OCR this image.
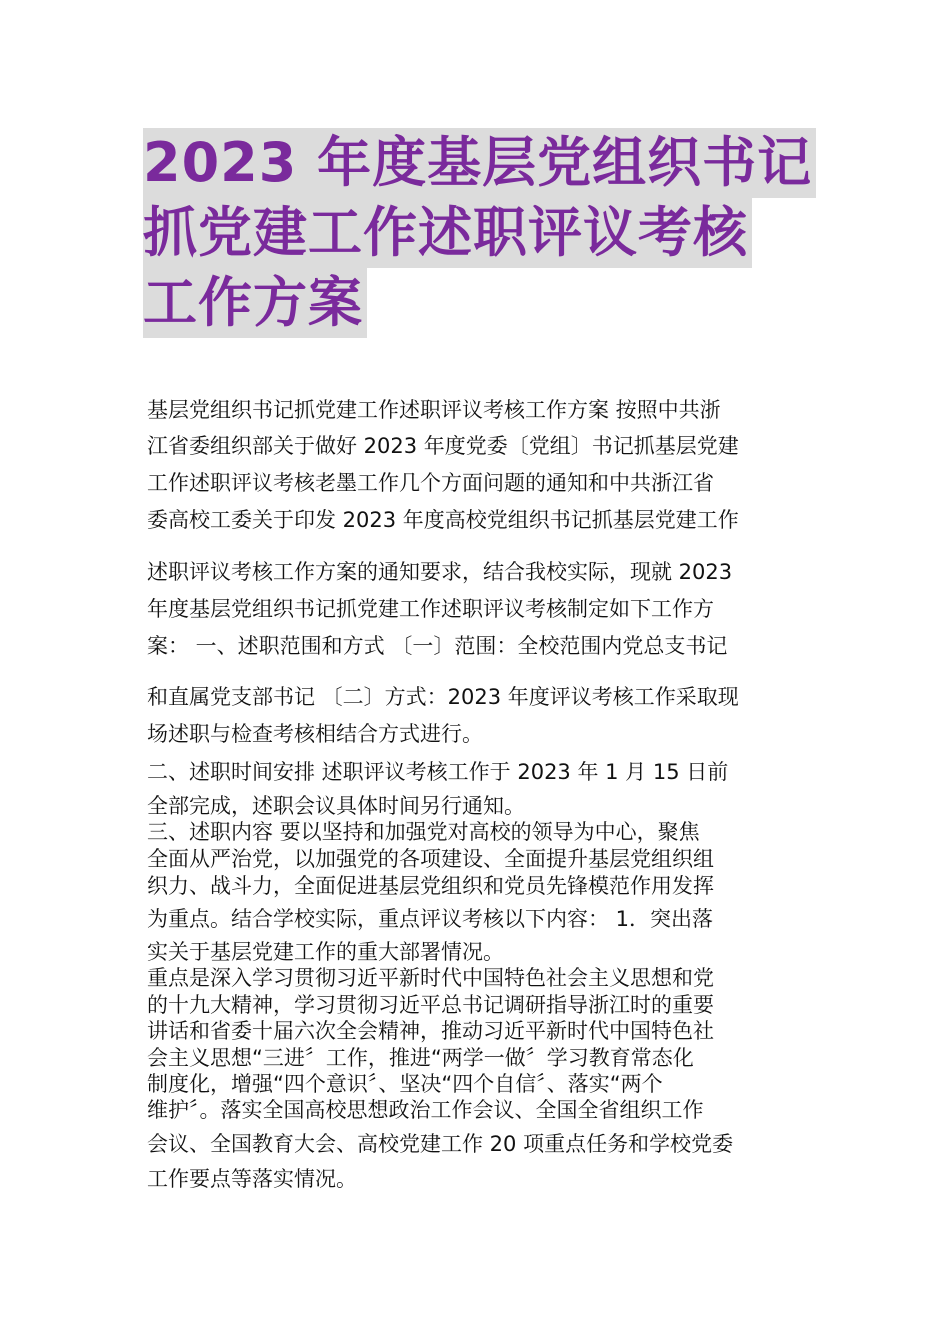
2023 年度基层党组织书记
抓党建工作述职评议考核
工作方案
基层党组织书记抓党建工作述职评议考核工作方案 按照中共浙
江省委组织部关于做好 2023 年度党委〔党组〕书记抓基层党建
工作述职评议考核老墨工作几个方面问题的通知和中共浙江省
委高校工委关于印发 2023 年度高校党组织书记抓基层党建工作
述职评议考核工作方案的通知要求，结合我校实际，现就 2023
年度基层党组织书记抓党建工作述职评议考核制定如下工作方
案： 一、述职范围和方式 〔一〕范围：全校范围内党总支书记
和直属党支部书记 〔二〕方式：2023 年度评议考核工作采取现
场述职与检查考核相结合方式进行。
二、述职时间安排 述职评议考核工作于 2023 年 1 月 15 日前
全部完成，述职会议具体时间另行通知。
三、述职内容 要以坚持和加强党对高校的领导为中心，聚焦
全面从严治党，以加强党的各项建设、全面提升基层党组织组
织力、战斗力，全面促进基层党组织和党员先锋模范作用发挥
为重点。结合学校实际，重点评议考核以下内容： 1．突出落
实关于基层党建工作的重大部署情况。
重点是深入学习贯彻习近平新时代中国特色社会主义思想和党
的十九大精神，学习贯彻习近平总书记调研指导浙江时的重要
讲话和省委十届六次全会精神，推动习近平新时代中国特色社
会主义思想“三进〞工作，推进“两学一做〞学习教育常态化
制度化，增强“四个意识〞、坚决“四个自信〞、落实“两个
维护〞。落实全国高校思想政治工作会议、全国全省组织工作
会议、全国教育大会、高校党建工作 20 项重点任务和学校党委
工作要点等落实情况。
